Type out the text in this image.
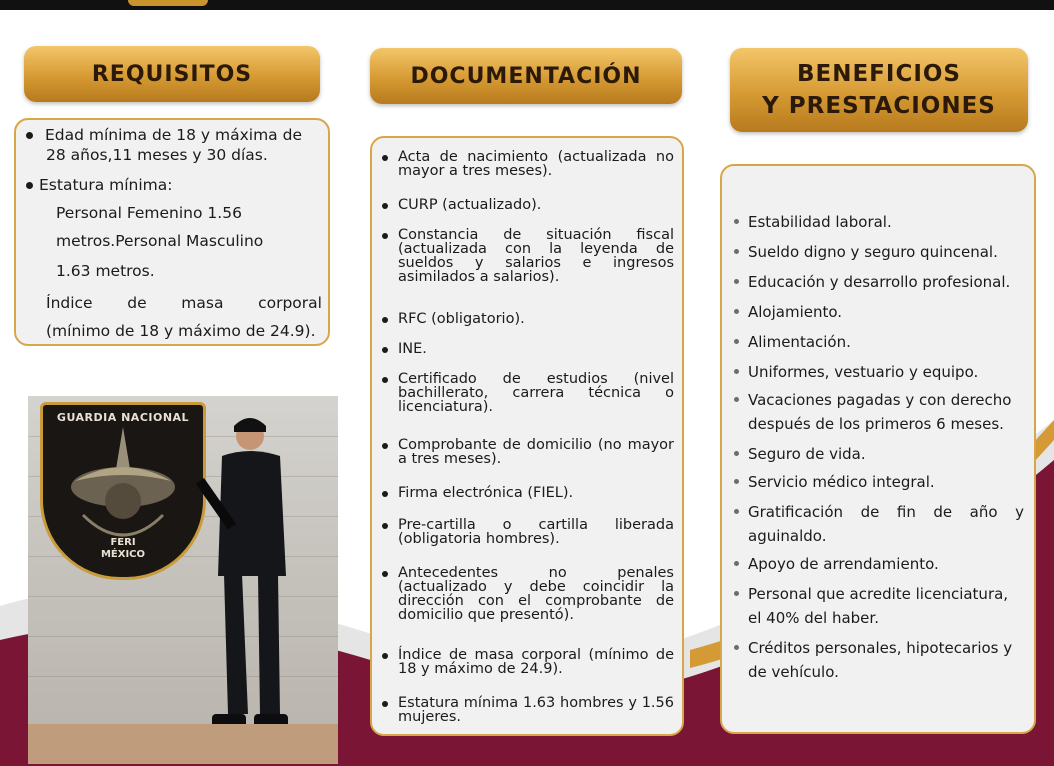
REQUISITOS	DOCUMENTACIÓN	BENEFICIOS
Y PRESTACIONES
Edad mínima de 18 y máxima de
28 años,11 meses y 30 días.
Estatura mínima:
Personal Femenino 1.56
metros.Personal Masculino
1.63 metros.
Índice de masa corporal
(mínimo de 18 y máximo de 24.9).
Acta de nacimiento (actualizada no mayor a tres meses).
CURP (actualizado).
Constancia de situación fiscal (actualizada con la leyenda de sueldos y salarios e ingresos asimilados a salarios).
RFC (obligatorio).
INE.
Certificado de estudios (nivel bachillerato, carrera técnica o licenciatura).
Comprobante de domicilio (no mayor a tres meses).
Firma electrónica (FIEL).
Pre-cartilla o cartilla liberada (obligatoria hombres).
Antecedentes no penales (actualizado y debe coincidir la dirección con el comprobante de domicilio que presentó).
Índice de masa corporal (mínimo de 18 y máximo de 24.9).
Estatura mínima 1.63 hombres y 1.56 mujeres.
Estabilidad laboral.
Sueldo digno y seguro quincenal.
Educación y desarrollo profesional.
Alojamiento.
Alimentación.
Uniformes, vestuario y equipo.
Vacaciones pagadas y con derecho después de los primeros 6 meses.
Seguro de vida.
Servicio médico integral.
Gratificación de fin de año y aguinaldo.
Apoyo de arrendamiento.
Personal que acredite licenciatura, el 40% del haber.
Créditos personales, hipotecarios y de vehículo.
GUARDIA NACIONAL
FERI
MÉXICO
